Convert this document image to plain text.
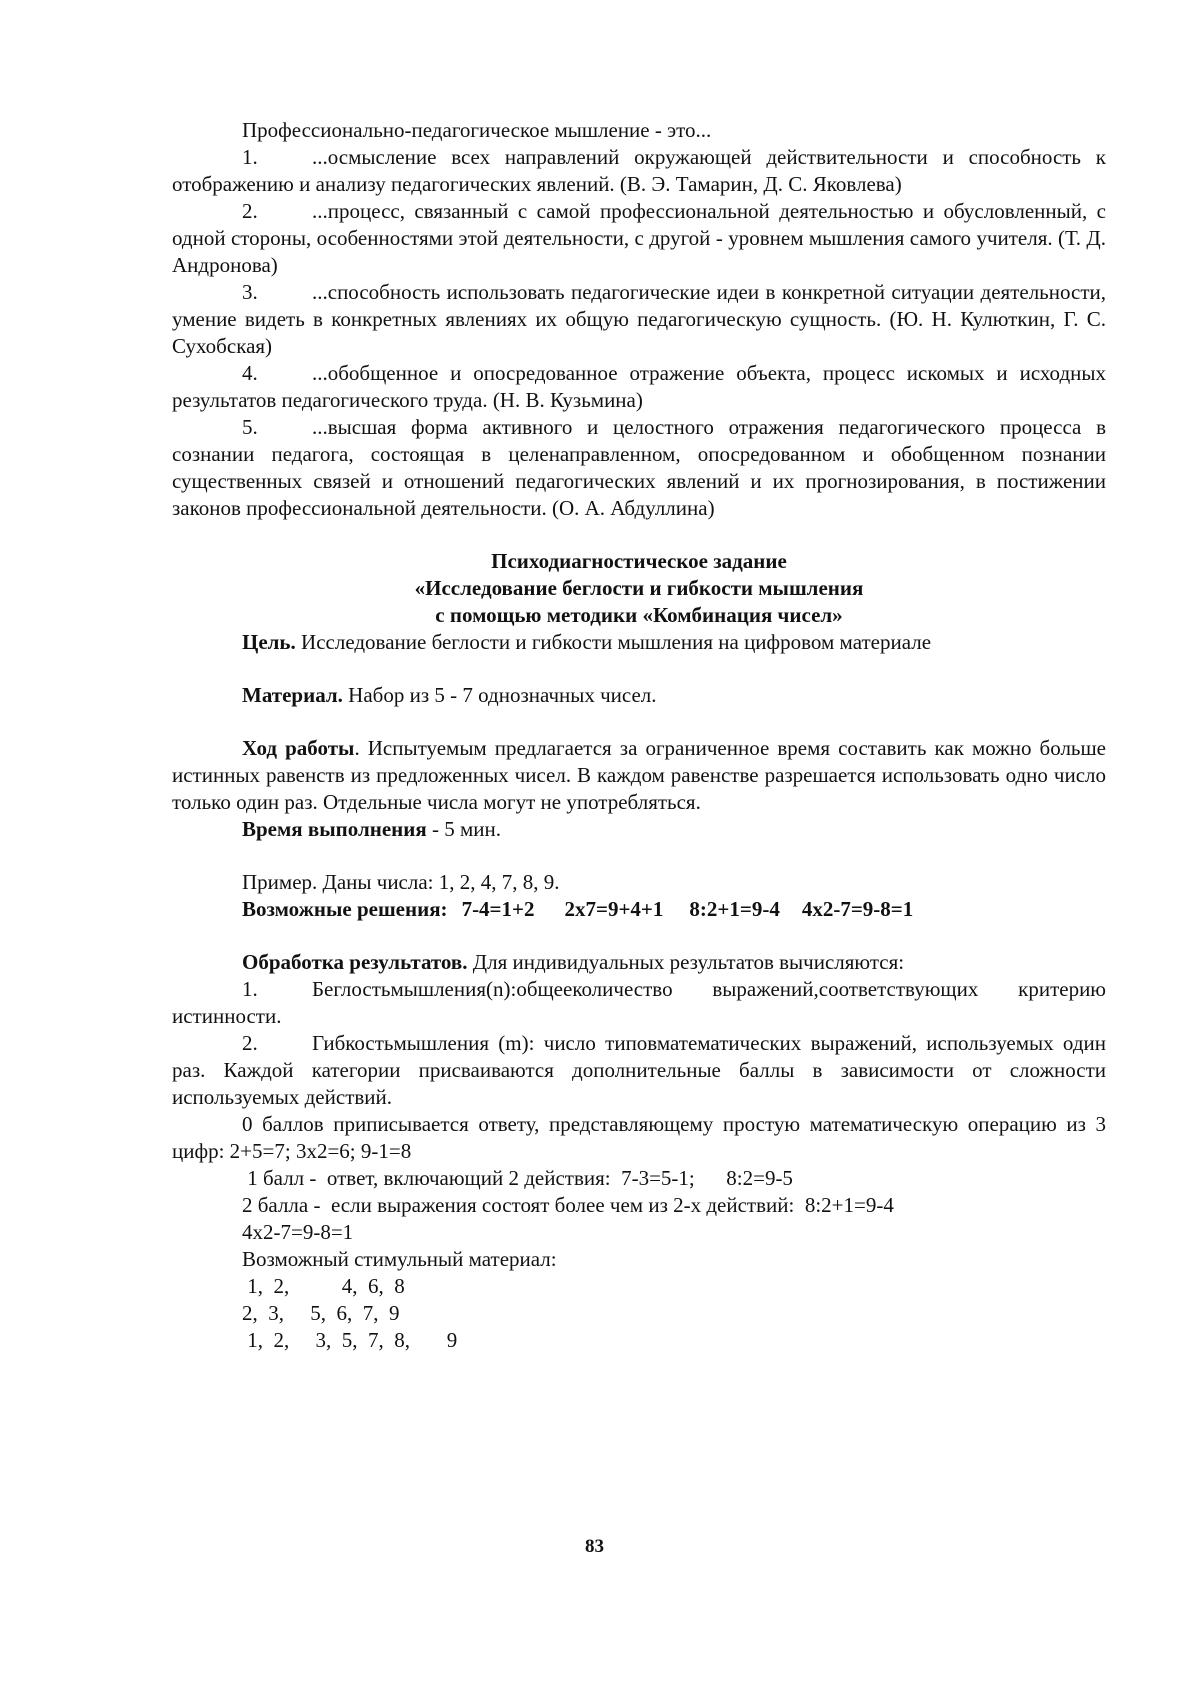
Профессионально-педагогическое мышление - это...

1.	...осмысление всех направлений окружающей действительности и способность к отображению и анализу педагогических явлений. (В. Э. Тамарин, Д. С. Яковлева)

2.	...процесс, связанный с самой профессиональной деятельностью и обусловленный, с одной стороны, особенностями этой деятельности, с другой - уровнем мышления самого учителя. (Т. Д. Андронова)

3.	...способность использовать педагогические идеи в конкретной ситуации деятельности, умение видеть в конкретных явлениях их общую педагогическую сущность. (Ю. Н. Кулюткин, Г. С. Сухобская)

4.	...обобщенное и опосредованное отражение объекта, процесс искомых и исходных результатов педагогического труда. (Н. В. Кузьмина)

5.	...высшая форма активного и целостного отражения педагогического процесса в сознании педагога, состоящая в целенаправленном, опосредованном и обобщенном познании существенных связей и отношений педагогических явлений и их прогнозирования, в постижении законов профессиональной деятельности. (О. А. Абдуллина)

Психодиагностическое задание

«Исследование беглости и гибкости мышления

с помощью методики «Комбинация чисел»

Цель. Исследование беглости и гибкости мышления на цифровом материале

Материал. Набор из 5 - 7 однозначных чисел.

Ход работы. Испытуемым предлагается за ограниченное время составить как можно больше истинных равенств из предложенных чисел. В каждом равенстве разрешается использовать одно число только один раз. Отдельные числа могут не употребляться.

Время выполнения - 5 мин.

Пример. Даны числа: 1, 2, 4, 7, 8, 9.

Возможные решения: 7-4=1+2 2х7=9+4+1 8:2+1=9-4 4х2-7=9-8=1

Обработка результатов. Для индивидуальных результатов вычисляются:

1.	Беглостьмышления(n):общееколичество выражений,соответствующих критерию истинности.

2.	Гибкостьмышления (m): число типовматематических выражений, используемых один раз. Каждой категории присваиваются дополнительные баллы в зависимости от сложности используемых действий.

0 баллов приписывается ответу, представляющему простую математическую операцию из 3 цифр: 2+5=7; 3х2=6; 9-1=8

1 балл -  ответ, включающий 2 действия:  7-3=5-1;      8:2=9-5

2 балла -  если выражения состоят более чем из 2-х действий:  8:2+1=9-4

4х2-7=9-8=1

Возможный стимульный материал:

1,  2,          4,  6,  8

2,  3,     5,  6,  7,  9

1,  2,     3,  5,  7,  8,       9

83
